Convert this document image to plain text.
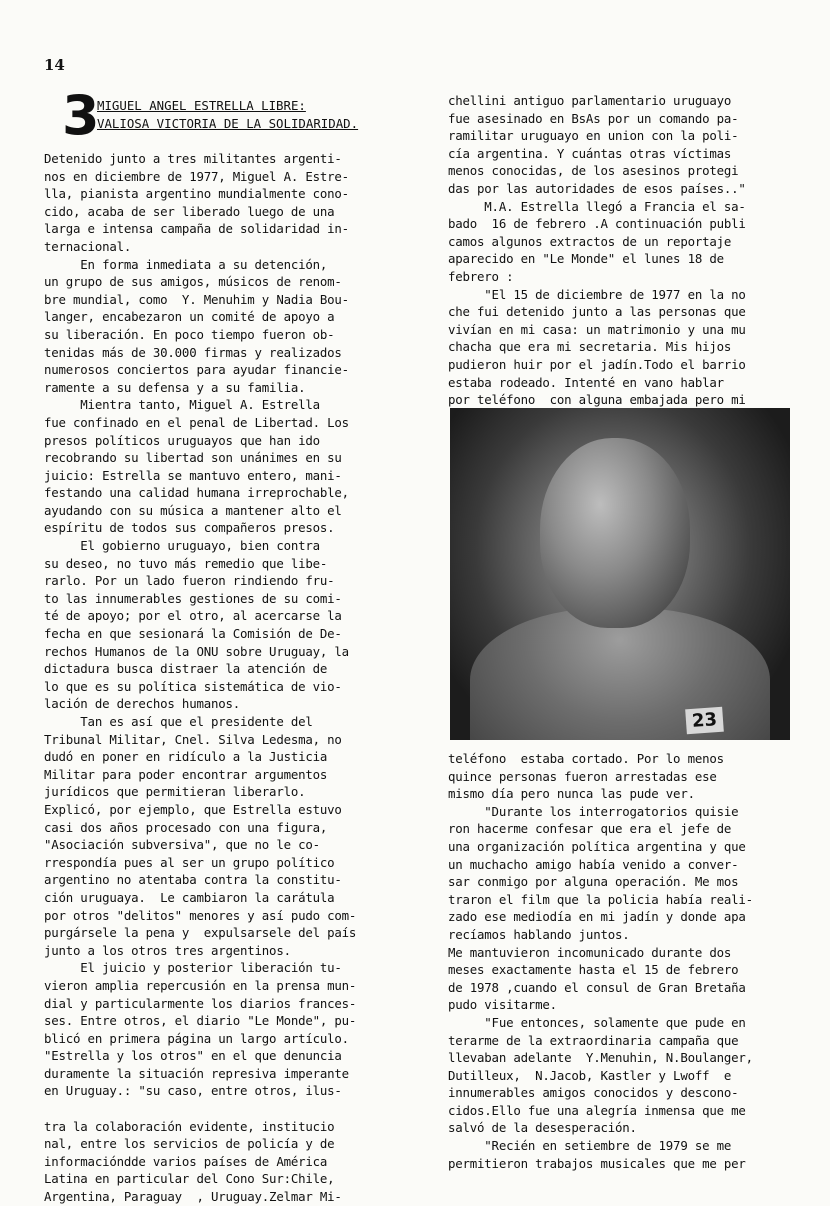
14
3
MIGUEL ANGEL ESTRELLA LIBRE:
VALIOSA VICTORIA DE LA SOLIDARIDAD.
Detenido junto a tres militantes argenti-
nos en diciembre de 1977, Miguel A. Estre-
lla, pianista argentino mundialmente cono-
cido, acaba de ser liberado luego de una
larga e intensa campaña de solidaridad in-
ternacional.
En forma inmediata a su detención,
un grupo de sus amigos, músicos de renom-
bre mundial, como  Y. Menuhim y Nadia Bou-
langer, encabezaron un comité de apoyo a
su liberación. En poco tiempo fueron ob-
tenidas más de 30.000 firmas y realizados
numerosos conciertos para ayudar financie-
ramente a su defensa y a su familia.
Mientra tanto, Miguel A. Estrella
fue confinado en el penal de Libertad. Los
presos políticos uruguayos que han ido
recobrando su libertad son unánimes en su
juicio: Estrella se mantuvo entero, mani-
festando una calidad humana irreprochable,
ayudando con su música a mantener alto el
espíritu de todos sus compañeros presos.
El gobierno uruguayo, bien contra
su deseo, no tuvo más remedio que libe-
rarlo. Por un lado fueron rindiendo fru-
to las innumerables gestiones de su comi-
té de apoyo; por el otro, al acercarse la
fecha en que sesionará la Comisión de De-
rechos Humanos de la ONU sobre Uruguay, la
dictadura busca distraer la atención de
lo que es su política sistemática de vio-
lación de derechos humanos.
Tan es así que el presidente del
Tribunal Militar, Cnel. Silva Ledesma, no
dudó en poner en ridículo a la Justicia
Militar para poder encontrar argumentos
jurídicos que permitieran liberarlo.
Explicó, por ejemplo, que Estrella estuvo
casi dos años procesado con una figura,
"Asociación subversiva", que no le co-
rrespondía pues al ser un grupo político
argentino no atentaba contra la constitu-
ción uruguaya.  Le cambiaron la carátula
por otros "delitos" menores y así pudo com-
purgársele la pena y  expulsarsele del país
junto a los otros tres argentinos.
El juicio y posterior liberación tu-
vieron amplia repercusión en la prensa mun-
dial y particularmente los diarios frances-
ses. Entre otros, el diario "Le Monde", pu-
blicó en primera página un largo artículo.
"Estrella y los otros" en el que denuncia
duramente la situación represiva imperante
en Uruguay.: "su caso, entre otros, ilus-
tra la colaboración evidente, institucio
nal, entre los servicios de policía y de
informacióndde varios países de América
Latina en particular del Cono Sur:Chile,
Argentina, Paraguay  , Uruguay.Zelmar Mi-
chellini antiguo parlamentario uruguayo
fue asesinado en BsAs por un comando pa-
ramilitar uruguayo en union con la poli-
cía argentina. Y cuántas otras víctimas
menos conocidas, de los asesinos protegi
das por las autoridades de esos países.."
M.A. Estrella llegó a Francia el sa-
bado  16 de febrero .A continuación publi
camos algunos extractos de un reportaje
aparecido en "Le Monde" el lunes 18 de
febrero :
"El 15 de diciembre de 1977 en la no
che fui detenido junto a las personas que
vivían en mi casa: un matrimonio y una mu
chacha que era mi secretaria. Mis hijos
pudieron huir por el jadín.Todo el barrio
estaba rodeado. Intenté en vano hablar
por teléfono  con alguna embajada pero mi
23
teléfono  estaba cortado. Por lo menos
quince personas fueron arrestadas ese
mismo día pero nunca las pude ver.
"Durante los interrogatorios quisie
ron hacerme confesar que era el jefe de
una organización política argentina y que
un muchacho amigo había venido a conver-
sar conmigo por alguna operación. Me mos
traron el film que la policia había reali-
zado ese mediodía en mi jadín y donde apa
recíamos hablando juntos.
Me mantuvieron incomunicado durante dos
meses exactamente hasta el 15 de febrero
de 1978 ,cuando el consul de Gran Bretaña
pudo visitarme.
"Fue entonces, solamente que pude en
terarme de la extraordinaria campaña que
llevaban adelante  Y.Menuhin, N.Boulanger,
Dutilleux,  N.Jacob, Kastler y Lwoff  e
innumerables amigos conocidos y descono-
cidos.Ello fue una alegría inmensa que me
salvó de la desesperación.
"Recién en setiembre de 1979 se me
permitieron trabajos musicales que me per
